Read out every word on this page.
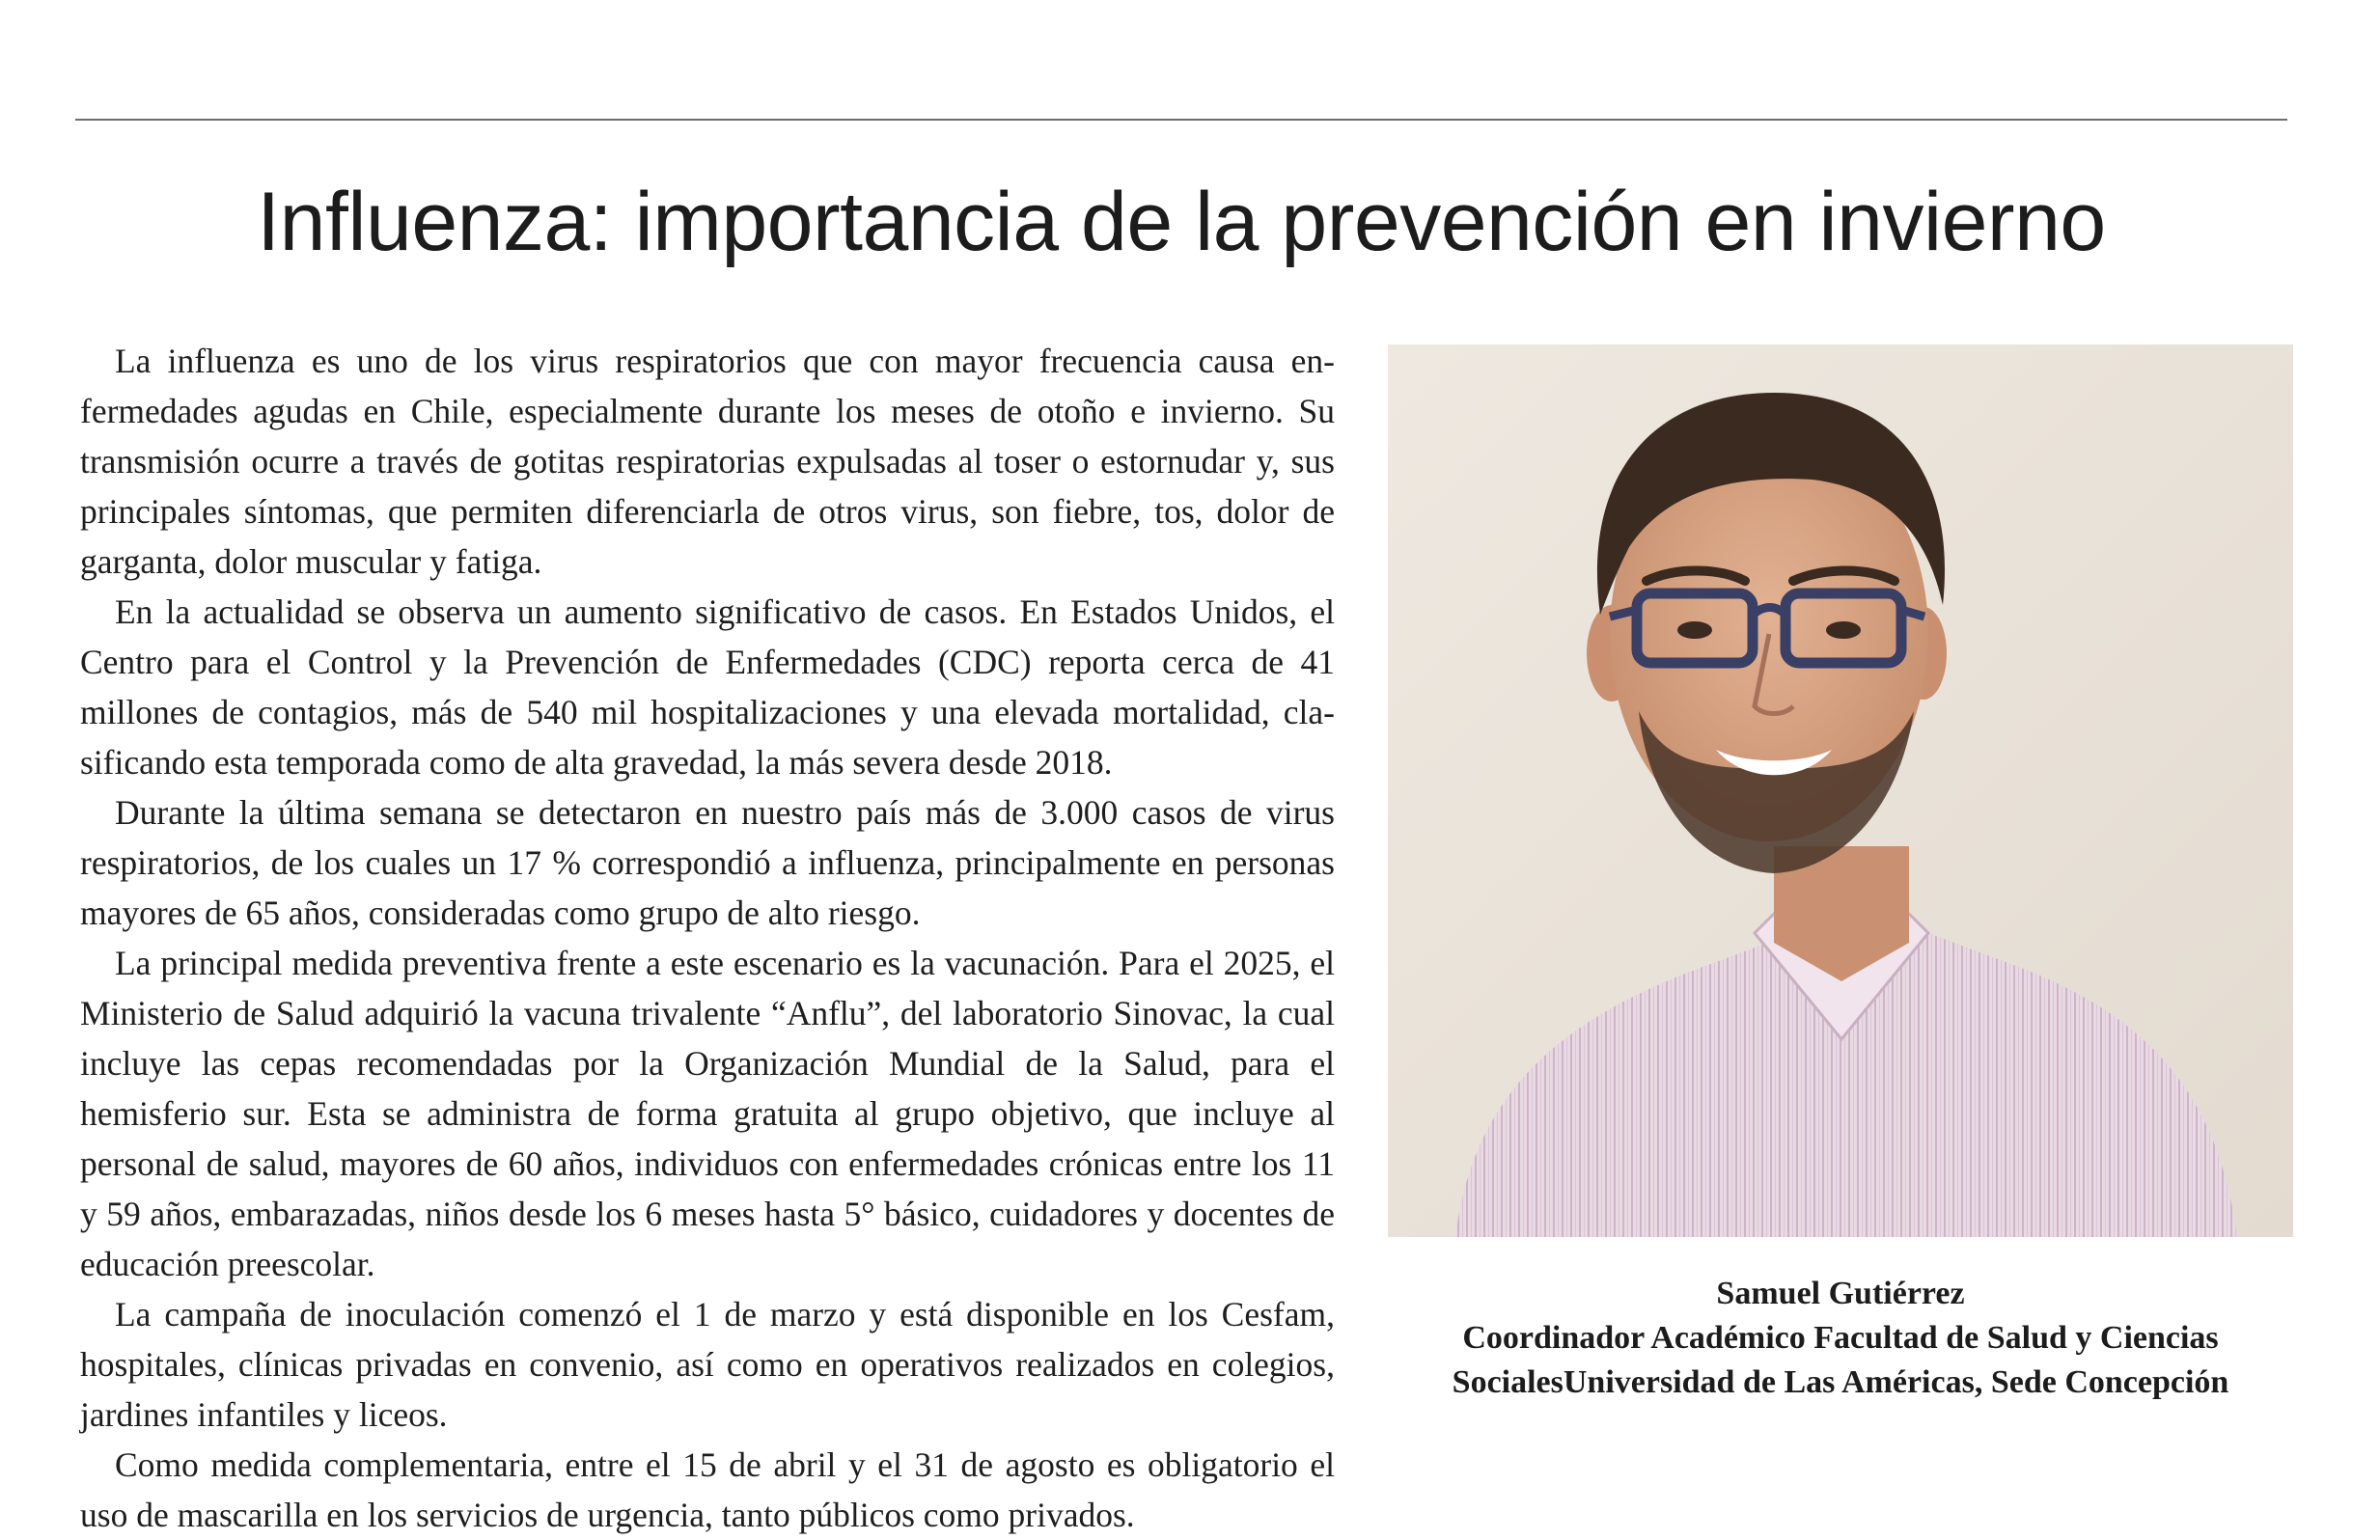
Influenza: importancia de la prevención en invierno

La influenza es uno de los virus respiratorios que con mayor frecuencia causa enfermedades agudas en Chile, especialmente durante los meses de otoño e invierno. Su transmisión ocurre a través de gotitas respiratorias expulsadas al toser o estornudar y, sus principales síntomas, que permiten diferenciarla de otros virus, son fiebre, tos, dolor de garganta, dolor muscular y fatiga.

En la actualidad se observa un aumento significativo de casos. En Estados Unidos, el Centro para el Control y la Prevención de Enfermedades (CDC) reporta cerca de 41 millones de contagios, más de 540 mil hospitalizaciones y una elevada mortalidad, clasificando esta temporada como de alta gravedad, la más severa desde 2018.

Durante la última semana se detectaron en nuestro país más de 3.000 casos de virus respiratorios, de los cuales un 17 % correspondió a influenza, principalmente en personas mayores de 65 años, consideradas como grupo de alto riesgo.

La principal medida preventiva frente a este escenario es la vacunación. Para el 2025, el Ministerio de Salud adquirió la vacuna trivalente “Anflu”, del laboratorio Sinovac, la cual incluye las cepas recomendadas por la Organización Mundial de la Salud, para el hemisferio sur. Esta se administra de forma gratuita al grupo objetivo, que incluye al personal de salud, mayores de 60 años, individuos con enfermedades crónicas entre los 11 y 59 años, embarazadas, niños desde los 6 meses hasta 5° básico, cuidadores y docentes de educación preescolar.

La campaña de inoculación comenzó el 1 de marzo y está disponible en los Cesfam, hospitales, clínicas privadas en convenio, así como en operativos realizados en colegios, jardines infantiles y liceos.

Como medida complementaria, entre el 15 de abril y el 31 de agosto es obligatorio el uso de mascarilla en los servicios de urgencia, tanto públicos como privados.

Samuel Gutiérrez
Coordinador Académico Facultad de Salud y Ciencias
SocialesUniversidad de Las Américas, Sede Concepción
